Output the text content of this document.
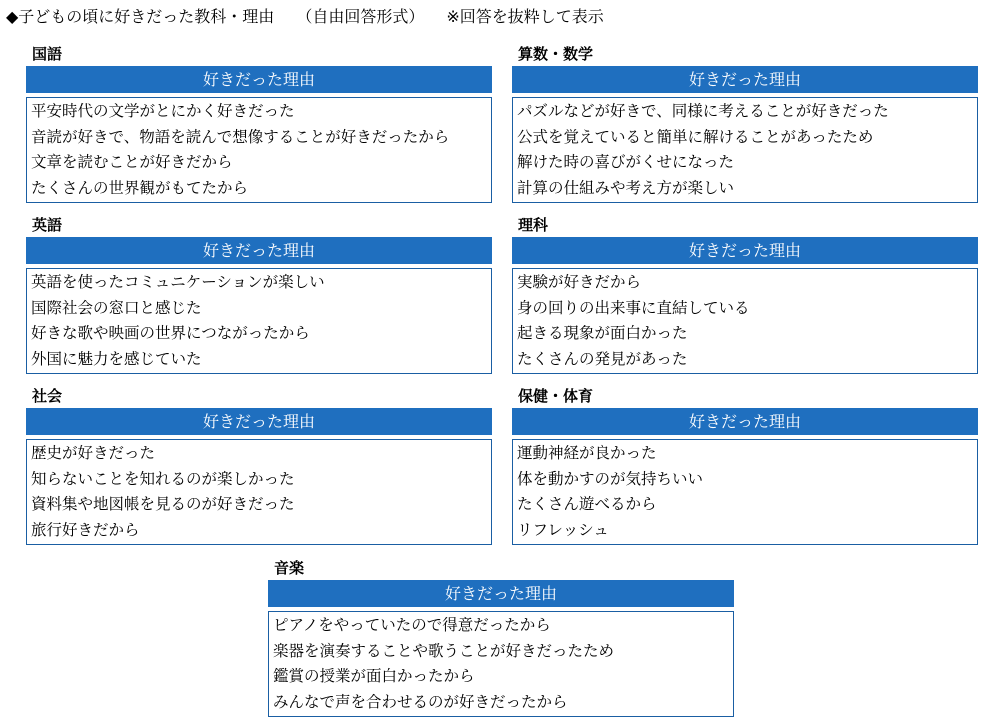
◆子どもの頃に好きだった教科・理由 （自由回答形式） ※回答を抜粋して表示
国語
好きだった理由
平安時代の文学がとにかく好きだった
音読が好きで、物語を読んで想像することが好きだったから
文章を読むことが好きだから
たくさんの世界観がもてたから
算数・数学
好きだった理由
パズルなどが好きで、同様に考えることが好きだった
公式を覚えていると簡単に解けることがあったため
解けた時の喜びがくせになった
計算の仕組みや考え方が楽しい
英語
好きだった理由
英語を使ったコミュニケーションが楽しい
国際社会の窓口と感じた
好きな歌や映画の世界につながったから
外国に魅力を感じていた
理科
好きだった理由
実験が好きだから
身の回りの出来事に直結している
起きる現象が面白かった
たくさんの発見があった
社会
好きだった理由
歴史が好きだった
知らないことを知れるのが楽しかった
資料集や地図帳を見るのが好きだった
旅行好きだから
保健・体育
好きだった理由
運動神経が良かった
体を動かすのが気持ちいい
たくさん遊べるから
リフレッシュ
音楽
好きだった理由
ピアノをやっていたので得意だったから
楽器を演奏することや歌うことが好きだったため
鑑賞の授業が面白かったから
みんなで声を合わせるのが好きだったから
